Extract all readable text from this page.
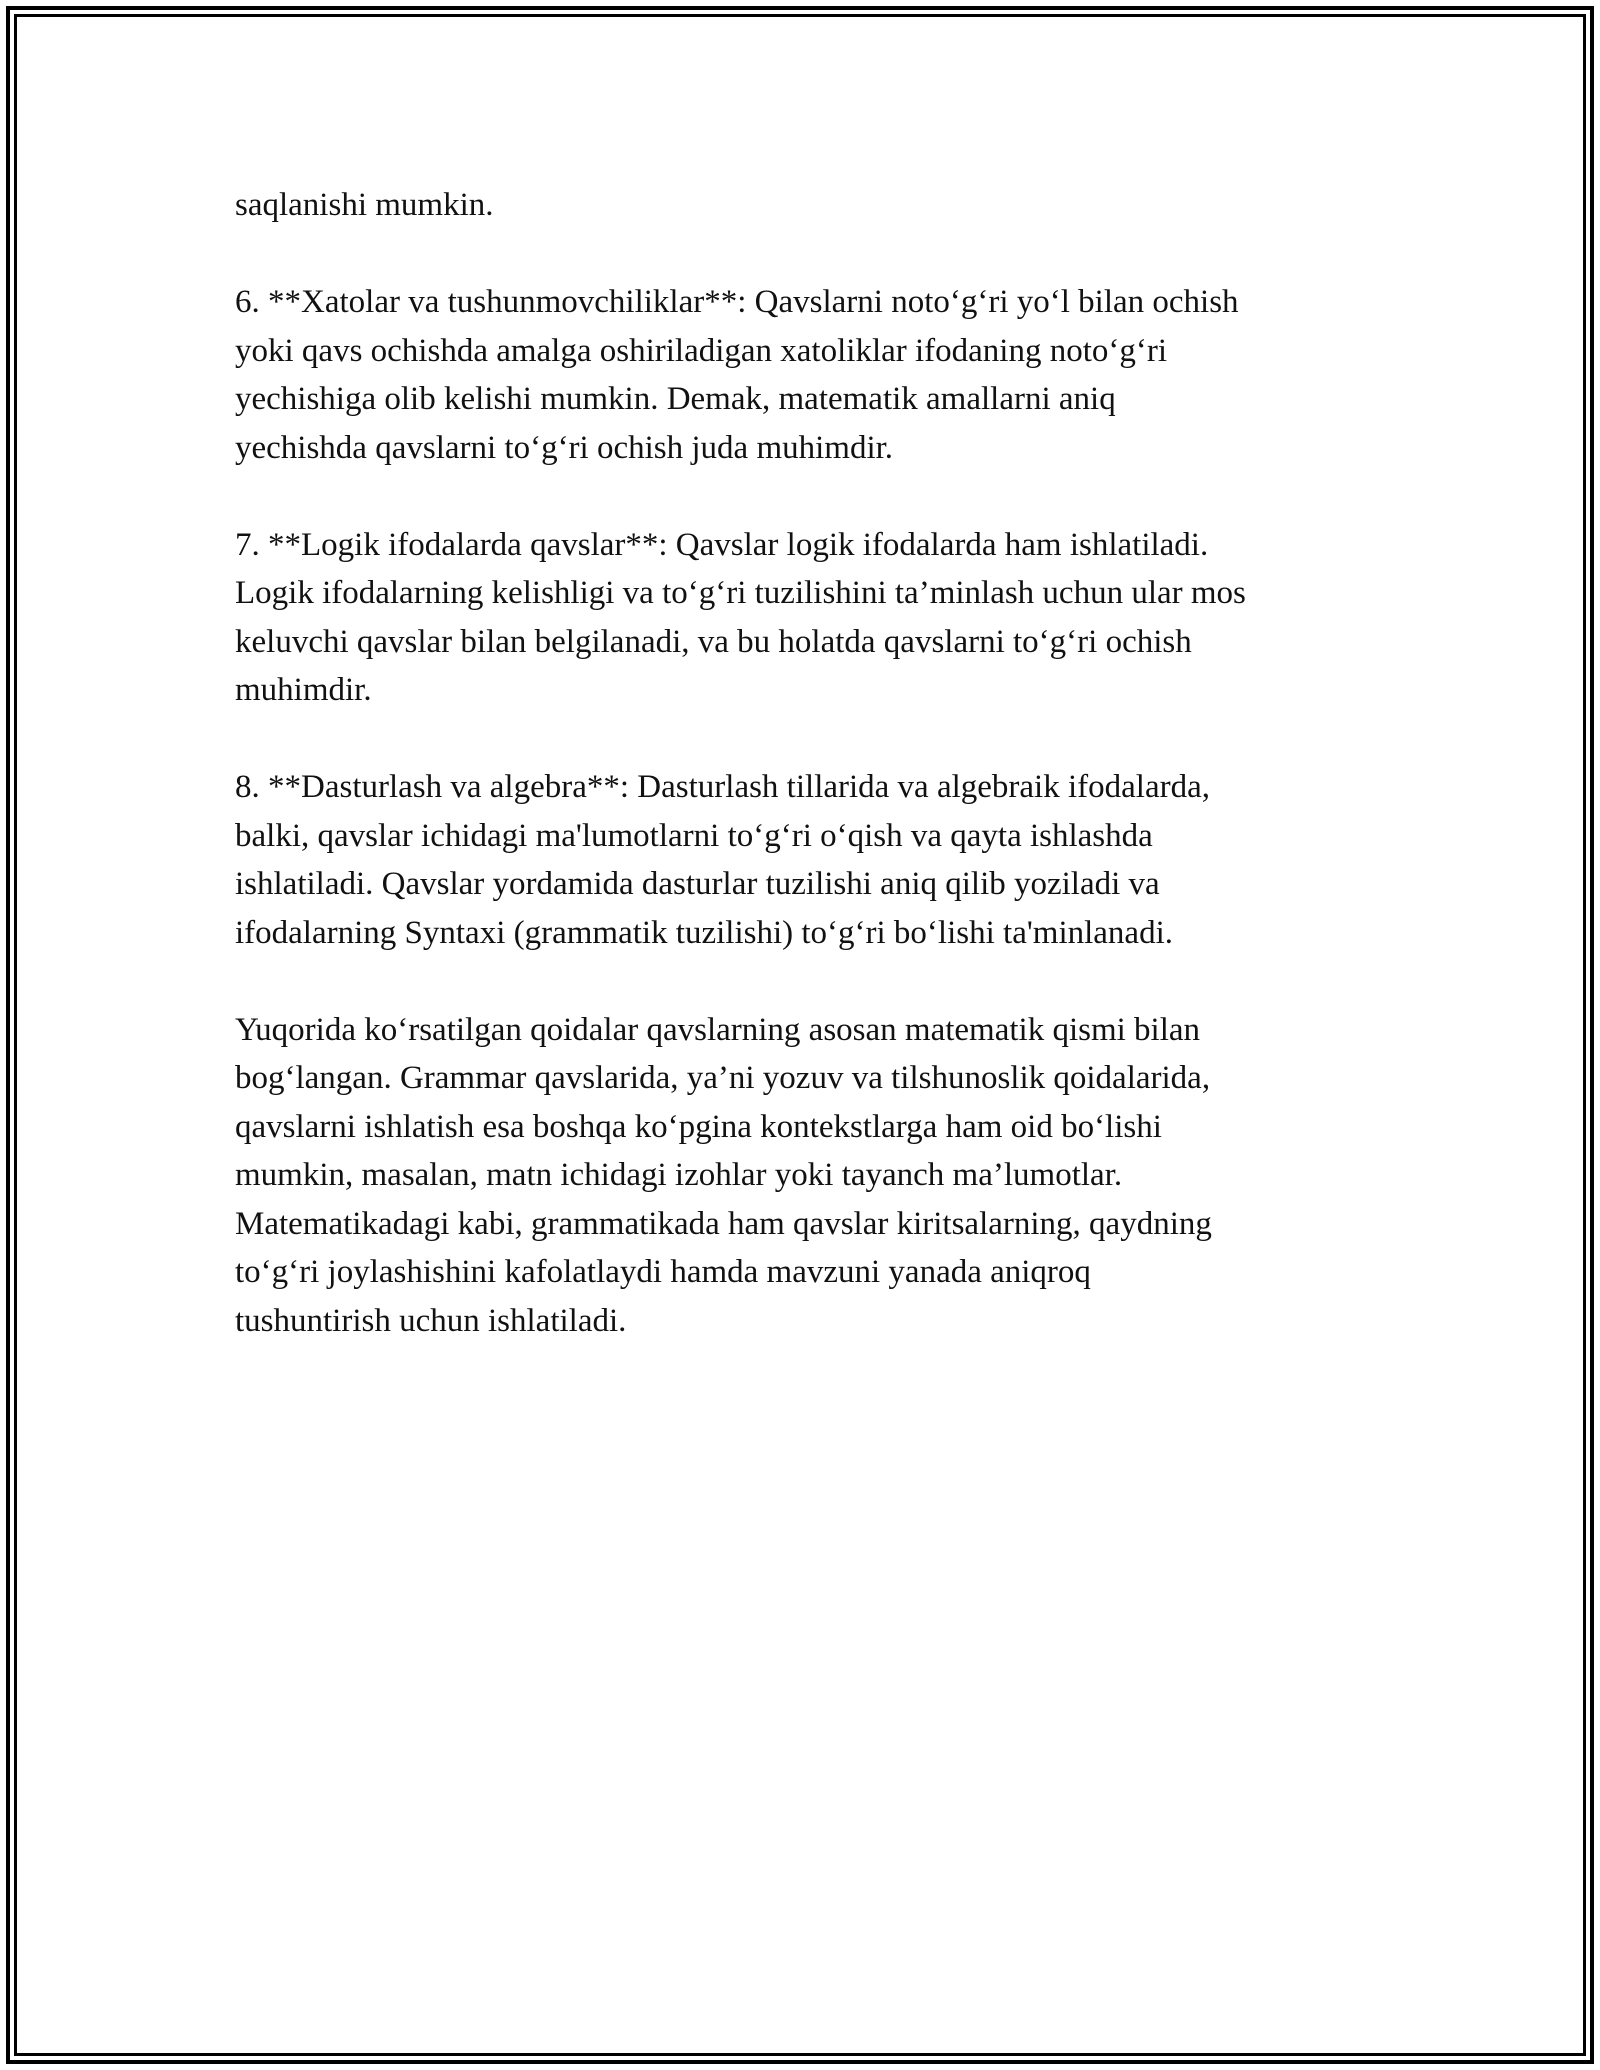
saqlanishi mumkin.

6. **Xatolar va tushunmovchiliklar**: Qavslarni noto‘g‘ri yo‘l bilan ochish
yoki qavs ochishda amalga oshiriladigan xatoliklar ifodaning noto‘g‘ri
yechishiga olib kelishi mumkin. Demak, matematik amallarni aniq
yechishda qavslarni to‘g‘ri ochish juda muhimdir.

7. **Logik ifodalarda qavslar**: Qavslar logik ifodalarda ham ishlatiladi.
Logik ifodalarning kelishligi va to‘g‘ri tuzilishini ta’minlash uchun ular mos
keluvchi qavslar bilan belgilanadi, va bu holatda qavslarni to‘g‘ri ochish
muhimdir.

8. **Dasturlash va algebra**: Dasturlash tillarida va algebraik ifodalarda,
balki, qavslar ichidagi ma'lumotlarni to‘g‘ri o‘qish va qayta ishlashda
ishlatiladi. Qavslar yordamida dasturlar tuzilishi aniq qilib yoziladi va
ifodalarning Syntaxi (grammatik tuzilishi) to‘g‘ri bo‘lishi ta'minlanadi.

Yuqorida ko‘rsatilgan qoidalar qavslarning asosan matematik qismi bilan
bog‘langan. Grammar qavslarida, ya’ni yozuv va tilshunoslik qoidalarida,
qavslarni ishlatish esa boshqa ko‘pgina kontekstlarga ham oid bo‘lishi
mumkin, masalan, matn ichidagi izohlar yoki tayanch ma’lumotlar.
Matematikadagi kabi, grammatikada ham qavslar kiritsalarning, qaydning
to‘g‘ri joylashishini kafolatlaydi hamda mavzuni yanada aniqroq
tushuntirish uchun ishlatiladi.
